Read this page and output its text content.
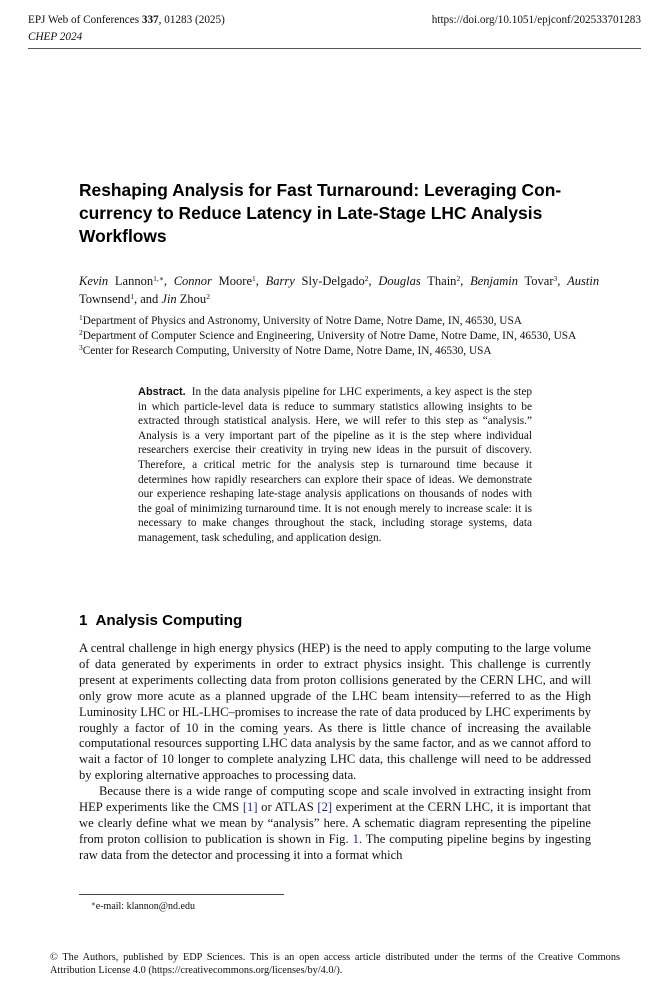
EPJ Web of Conferences 337, 01283 (2025)	https://doi.org/10.1051/epjconf/202533701283
CHEP 2024
Reshaping Analysis for Fast Turnaround: Leveraging Con- currency to Reduce Latency in Late-Stage LHC Analysis Workflows
Kevin Lannon$^{1,∗}$, Connor Moore$^1$, Barry Sly-Delgado$^2$, Douglas Thain$^2$, Benjamin Tovar$^3$, Austin Townsend$^1$, and Jin Zhou$^2$
$^1$Department of Physics and Astronomy, University of Notre Dame, Notre Dame, IN, 46530, USA
$^2$Department of Computer Science and Engineering, University of Notre Dame, Notre Dame, IN, 46530, USA
$^3$Center for Research Computing, University of Notre Dame, Notre Dame, IN, 46530, USA
Abstract. In the data analysis pipeline for LHC experiments, a key aspect is the step in which particle-level data is reduce to summary statistics allowing insights to be extracted through statistical analysis. Here, we will refer to this step as “analysis.” Analysis is a very important part of the pipeline as it is the step where individual researchers exercise their creativity in trying new ideas in the pursuit of discovery. Therefore, a critical metric for the analysis step is turnaround time because it determines how rapidly researchers can explore their space of ideas. We demonstrate our experience reshaping late-stage analysis applications on thousands of nodes with the goal of minimizing turnaround time. It is not enough merely to increase scale: it is necessary to make changes throughout the stack, including storage systems, data management, task scheduling, and application design.
1 Analysis Computing

A central challenge in high energy physics (HEP) is the need to apply computing to the large volume of data generated by experiments in order to extract physics insight. This challenge is currently present at experiments collecting data from proton collisions generated by the CERN LHC, and will only grow more acute as a planned upgrade of the LHC beam intensity—referred to as the High Luminosity LHC or HL-LHC–promises to increase the rate of data produced by LHC experiments by roughly a factor of 10 in the coming years. As there is little chance of increasing the available computational resources supporting LHC data analysis by the same factor, and as we cannot afford to wait a factor of 10 longer to complete analyzing LHC data, this challenge will need to be addressed by exploring alternative approaches to processing data.

Because there is a wide range of computing scope and scale involved in extracting insight from HEP experiments like the CMS [1] or ATLAS [2] experiment at the CERN LHC, it is important that we clearly define what we mean by “analysis” here. A schematic diagram representing the pipeline from proton collision to publication is shown in Fig. 1. The computing pipeline begins by ingesting raw data from the detector and processing it into a format which

∗e-mail: klannon@nd.edu
© The Authors, published by EDP Sciences. This is an open access article distributed under the terms of the Creative Commons Attribution License 4.0 (https://creativecommons.org/licenses/by/4.0/).
